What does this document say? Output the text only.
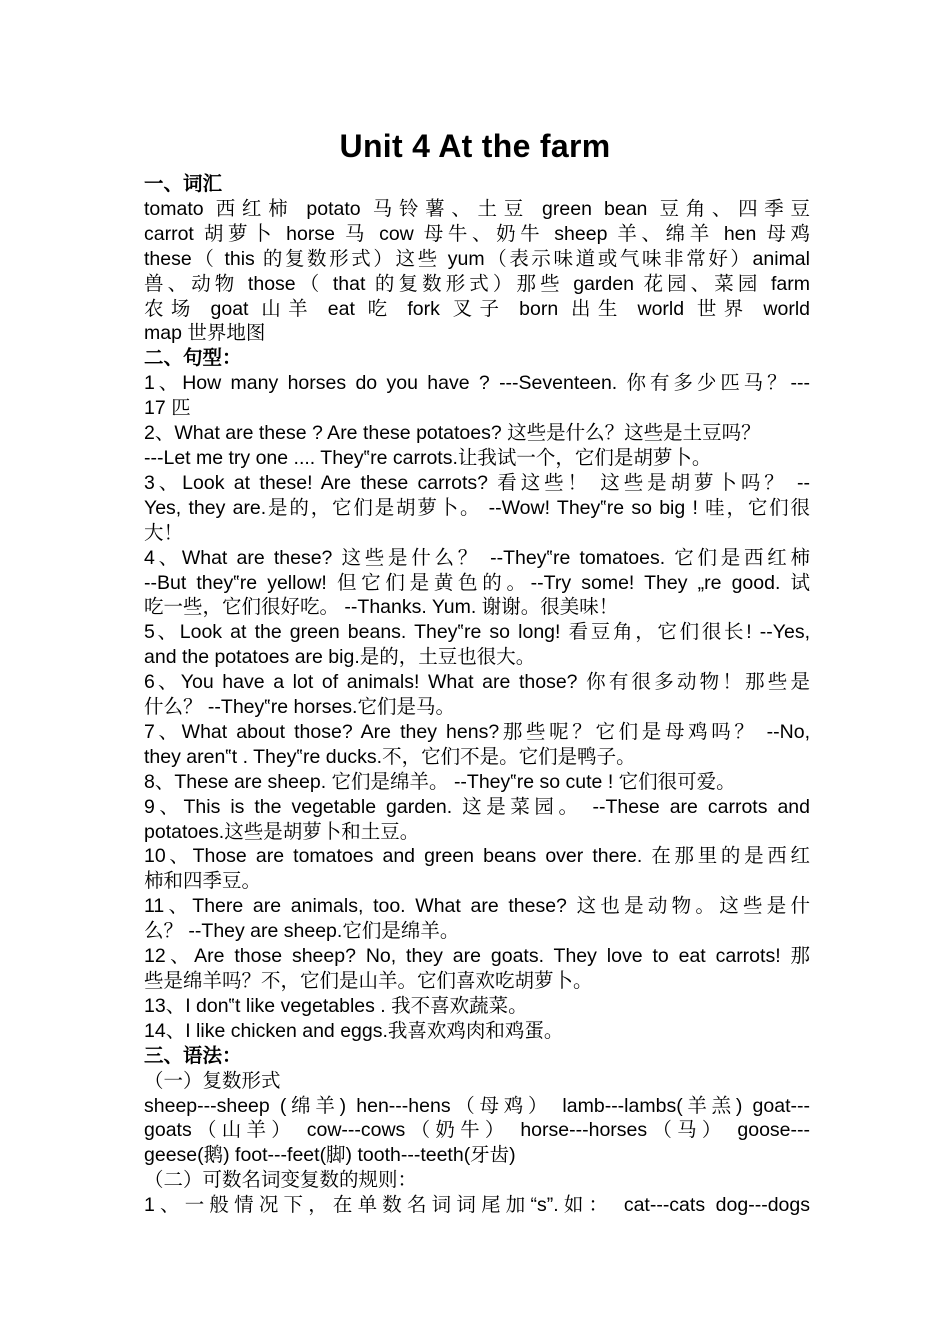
Unit 4 At the farm

一、词汇

tomato 西红柿 potato 马铃薯、土豆 green bean 豆角、四季豆

carrot 胡萝卜 horse 马 cow 母牛、奶牛 sheep 羊、绵羊 hen 母鸡

these（ this 的复数形式）这些 yum（表示味道或气味非常好）animal

兽、动物 those（ that 的复数形式）那些 garden 花园、菜园 farm

农场 goat 山羊 eat 吃 fork 叉子 born 出生 world 世界 world

map 世界地图

二、句型：

1、How many horses do you have ? ---Seventeen. 你有多少匹马？---

17 匹

2、What are these ? Are these potatoes? 这些是什么？这些是土豆吗？

---Let me try one .... They‟re carrots.让我试一个，它们是胡萝卜。

3、Look at these! Are these carrots? 看这些！ 这些是胡萝卜吗？ --

Yes, they are.是的，它们是胡萝卜。 --Wow! They‟re so big ! 哇，它们很

大！

4、What are these? 这些是什么？ --They‟re tomatoes. 它们是西红柿

--But they‟re yellow! 但它们是黄色的。--Try some! They „re good. 试

吃一些，它们很好吃。 --Thanks. Yum. 谢谢。很美味！

5、Look at the green beans. They‟re so long! 看豆角，它们很长! --Yes,

and the potatoes are big.是的，土豆也很大。

6、You have a lot of animals! What are those? 你有很多动物！那些是

什么？ --They‟re horses.它们是马。

7、What about those? Are they hens?那些呢？它们是母鸡吗？ --No,

they aren‟t . They‟re ducks.不，它们不是。它们是鸭子。

8、These are sheep. 它们是绵羊。 --They‟re so cute ! 它们很可爱。

9、This is the vegetable garden. 这是菜园。 --These are carrots and

potatoes.这些是胡萝卜和土豆。

10、Those are tomatoes and green beans over there. 在那里的是西红

柿和四季豆。

11、There are animals, too. What are these? 这也是动物。这些是什

么？ --They are sheep.它们是绵羊。

12、Are those sheep? No, they are goats. They love to eat carrots! 那

些是绵羊吗？不，它们是山羊。它们喜欢吃胡萝卜。

13、I don‟t like vegetables . 我不喜欢蔬菜。

14、I like chicken and eggs.我喜欢鸡肉和鸡蛋。

三、语法：

（一）复数形式

sheep---sheep (绵羊) hen---hens（母鸡） lamb---lambs(羊羔) goat---

goats（山羊） cow---cows（奶牛） horse---horses（马） goose---

geese(鹅) foot---feet(脚) tooth---teeth(牙齿)

（二）可数名词变复数的规则：

1、一般情况下，在单数名词词尾加“s”.如： cat---cats dog---dogs
